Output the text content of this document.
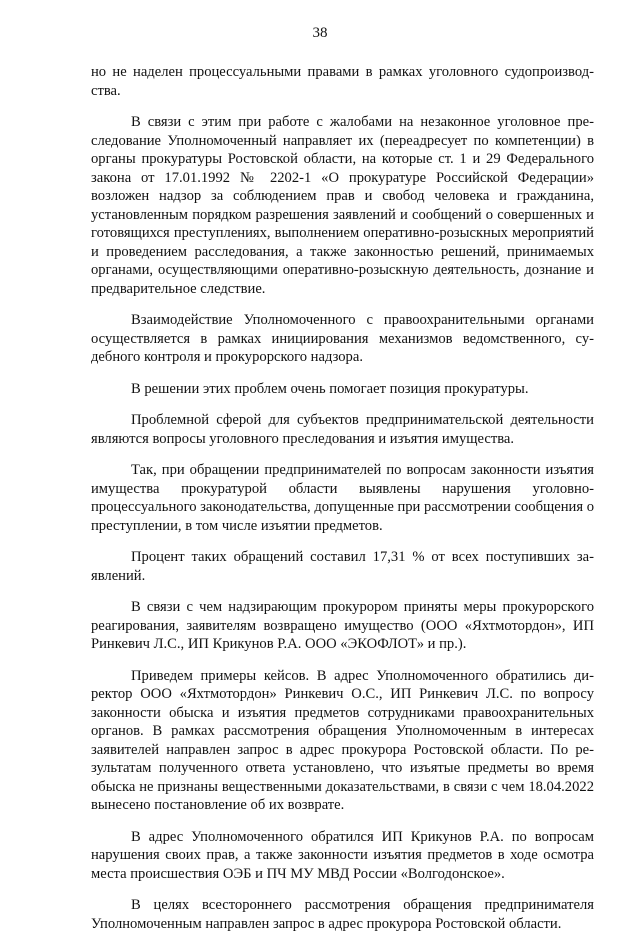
38

но не наделен процессуальными правами в рамках уголовного судопроизводства.

В связи с этим при работе с жалобами на незаконное уголовное преследование Уполномоченный направляет их (переадресует по компетенции) в органы прокуратуры Ростовской области, на которые ст. 1 и 29 Федерального закона от 17.01.1992 № 2202-1 «О прокуратуре Российской Федерации» возложен надзор за соблюдением прав и свобод человека и гражданина, установленным порядком разрешения заявлений и сообщений о совершенных и готовящихся преступлениях, выполнением оперативно-розыскных мероприятий и проведением расследования, а также законностью решений, принимаемых органами, осуществляющими оперативно-розыскную деятельность, дознание и предварительное следствие.

Взаимодействие Уполномоченного с правоохранительными органами осуществляется в рамках инициирования механизмов ведомственного, судебного контроля и прокурорского надзора.

В решении этих проблем очень помогает позиция прокуратуры.

Проблемной сферой для субъектов предпринимательской деятельности являются вопросы уголовного преследования и изъятия имущества.

Так, при обращении предпринимателей по вопросам законности изъятия имущества прокуратурой области выявлены нарушения уголовно-процессуального законодательства, допущенные при рассмотрении сообщения о преступлении, в том числе изъятии предметов.

Процент таких обращений составил 17,31 % от всех поступивших заявлений.

В связи с чем надзирающим прокурором приняты меры прокурорского реагирования, заявителям возвращено имущество (ООО «Яхтмотордон», ИП Ринкевич Л.С., ИП Крикунов Р.А. ООО «ЭКОФЛОТ» и пр.).

Приведем примеры кейсов. В адрес Уполномоченного обратились директор ООО «Яхтмотордон» Ринкевич О.С., ИП Ринкевич Л.С. по вопросу законности обыска и изъятия предметов сотрудниками правоохранительных органов. В рамках рассмотрения обращения Уполномоченным в интересах заявителей направлен запрос в адрес прокурора Ростовской области. По результатам полученного ответа установлено, что изъятые предметы во время обыска не признаны вещественными доказательствами, в связи с чем 18.04.2022 вынесено постановление об их возврате.

В адрес Уполномоченного обратился ИП Крикунов Р.А. по вопросам нарушения своих прав, а также законности изъятия предметов в ходе осмотра места происшествия ОЭБ и ПЧ МУ МВД России «Волгодонское».

В целях всестороннего рассмотрения обращения предпринимателя Уполномоченным направлен запрос в адрес прокурора Ростовской области.
